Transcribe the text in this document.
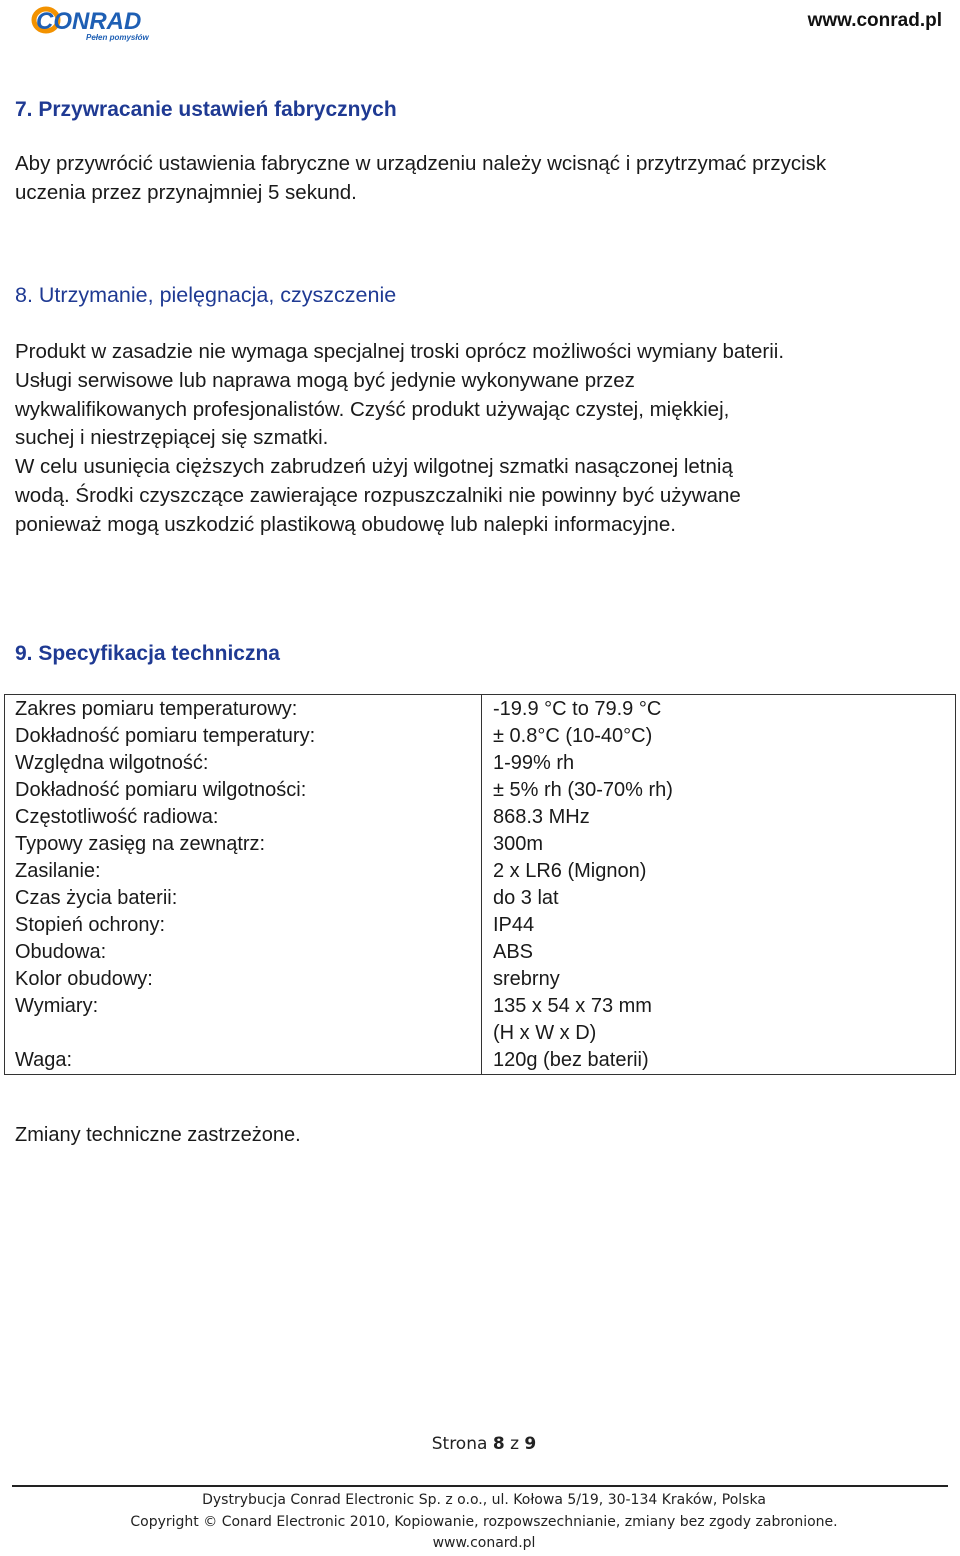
CONRAD
Pełen pomysłów
www.conrad.pl
7. Przywracanie ustawień fabrycznych
Aby przywrócić ustawienia fabryczne w urządzeniu należy wcisnąć i przytrzymać przycisk
uczenia przez przynajmniej 5 sekund.
8. Utrzymanie, pielęgnacja, czyszczenie
Produkt w zasadzie nie wymaga specjalnej troski oprócz możliwości wymiany baterii.
Usługi serwisowe lub naprawa mogą być jedynie wykonywane przez
wykwalifikowanych profesjonalistów. Czyść produkt używając czystej, miękkiej,
suchej i niestrzępiącej się szmatki.
W celu usunięcia cięższych zabrudzeń użyj wilgotnej szmatki nasączonej letnią
wodą. Środki czyszczące zawierające rozpuszczalniki nie powinny być używane
ponieważ mogą uszkodzić plastikową obudowę lub nalepki informacyjne.
9. Specyfikacja techniczna
Zakres pomiaru temperaturowy:	-19.9 °C to 79.9 °C
Dokładność pomiaru temperatury:	± 0.8°C (10-40°C)
Względna wilgotność:	1-99% rh
Dokładność pomiaru wilgotności:	± 5% rh (30-70% rh)
Częstotliwość radiowa:	868.3 MHz
Typowy zasięg na zewnątrz:	300m
Zasilanie:	2 x LR6 (Mignon)
Czas życia baterii:	do 3 lat
Stopień ochrony:	IP44
Obudowa:	ABS
Kolor obudowy:	srebrny
Wymiary:	135 x 54 x 73 mm
(H x W x D)

Waga:	120g (bez baterii)
Zmiany techniczne zastrzeżone.
Strona 8 z 9
Dystrybucja Conrad Electronic Sp. z o.o., ul. Kołowa 5/19, 30-134 Kraków, Polska
Copyright © Conard Electronic 2010, Kopiowanie, rozpowszechnianie, zmiany bez zgody zabronione.
www.conard.pl
